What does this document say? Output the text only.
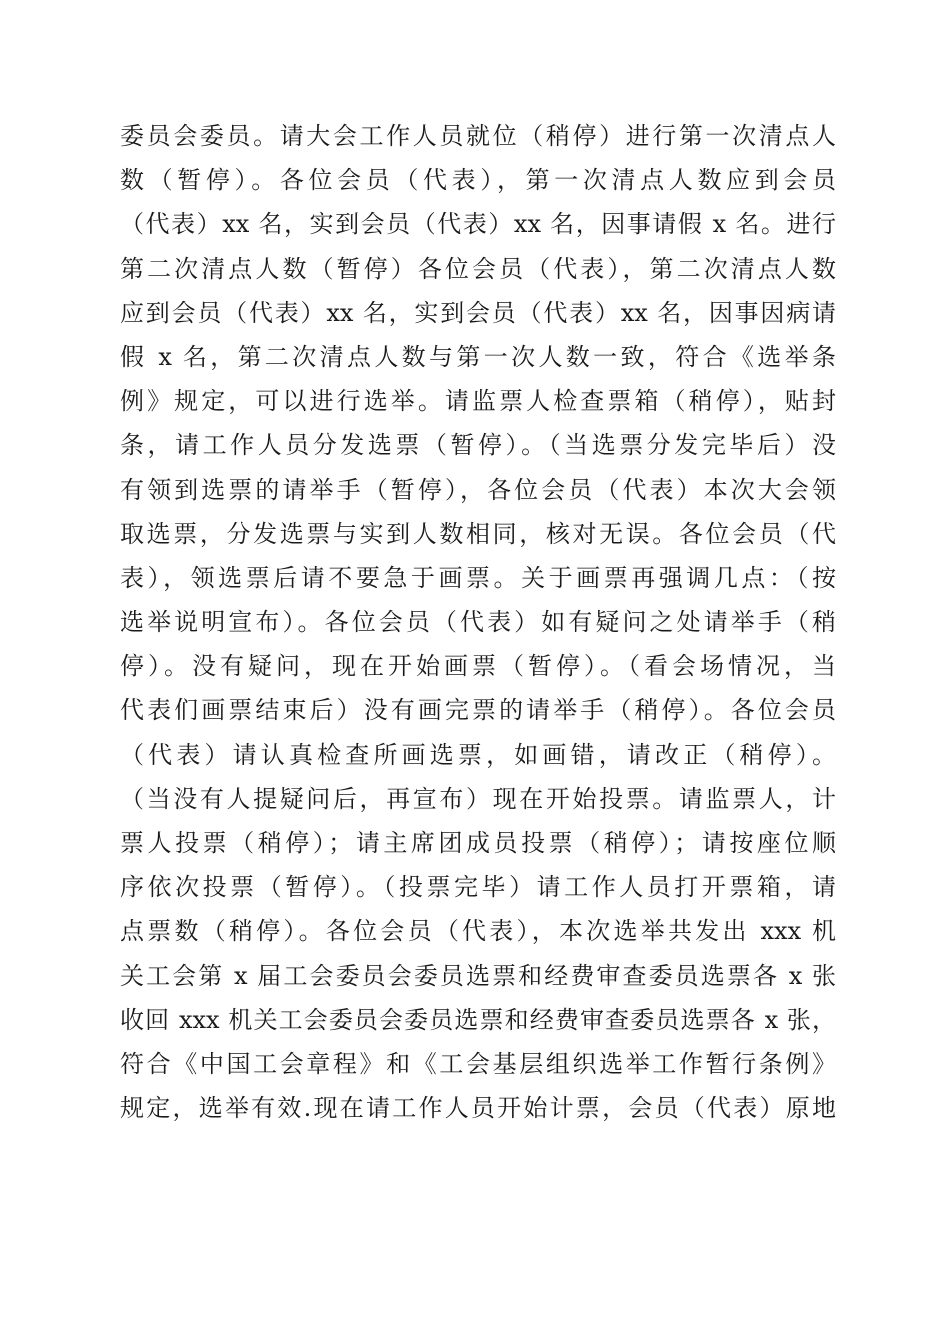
委员会委员。请大会工作人员就位（稍停）进行第一次清点人
数（暂停）。各位会员（代表），第一次清点人数应到会员
（代表）xx 名，实到会员（代表）xx 名，因事请假 x 名。进行
第二次清点人数（暂停）各位会员（代表），第二次清点人数
应到会员（代表）xx 名，实到会员（代表）xx 名，因事因病请
假 x 名，第二次清点人数与第一次人数一致，符合《选举条
例》规定，可以进行选举。请监票人检查票箱（稍停），贴封
条，请工作人员分发选票（暂停）。（当选票分发完毕后）没
有领到选票的请举手（暂停），各位会员（代表）本次大会领
取选票，分发选票与实到人数相同，核对无误。各位会员（代
表），领选票后请不要急于画票。关于画票再强调几点：（按
选举说明宣布）。各位会员（代表）如有疑问之处请举手（稍
停）。没有疑问，现在开始画票（暂停）。（看会场情况，当
代表们画票结束后）没有画完票的请举手（稍停）。各位会员
（代表）请认真检查所画选票，如画错，请改正（稍停）。
（当没有人提疑问后，再宣布）现在开始投票。请监票人，计
票人投票（稍停）；请主席团成员投票（稍停）；请按座位顺
序依次投票（暂停）。（投票完毕）请工作人员打开票箱，请
点票数（稍停）。各位会员（代表），本次选举共发出 xxx 机
关工会第 x 届工会委员会委员选票和经费审查委员选票各 x 张
收回 xxx 机关工会委员会委员选票和经费审查委员选票各 x 张，
符合《中国工会章程》和《工会基层组织选举工作暂行条例》
规定，选举有效.现在请工作人员开始计票，会员（代表）原地
